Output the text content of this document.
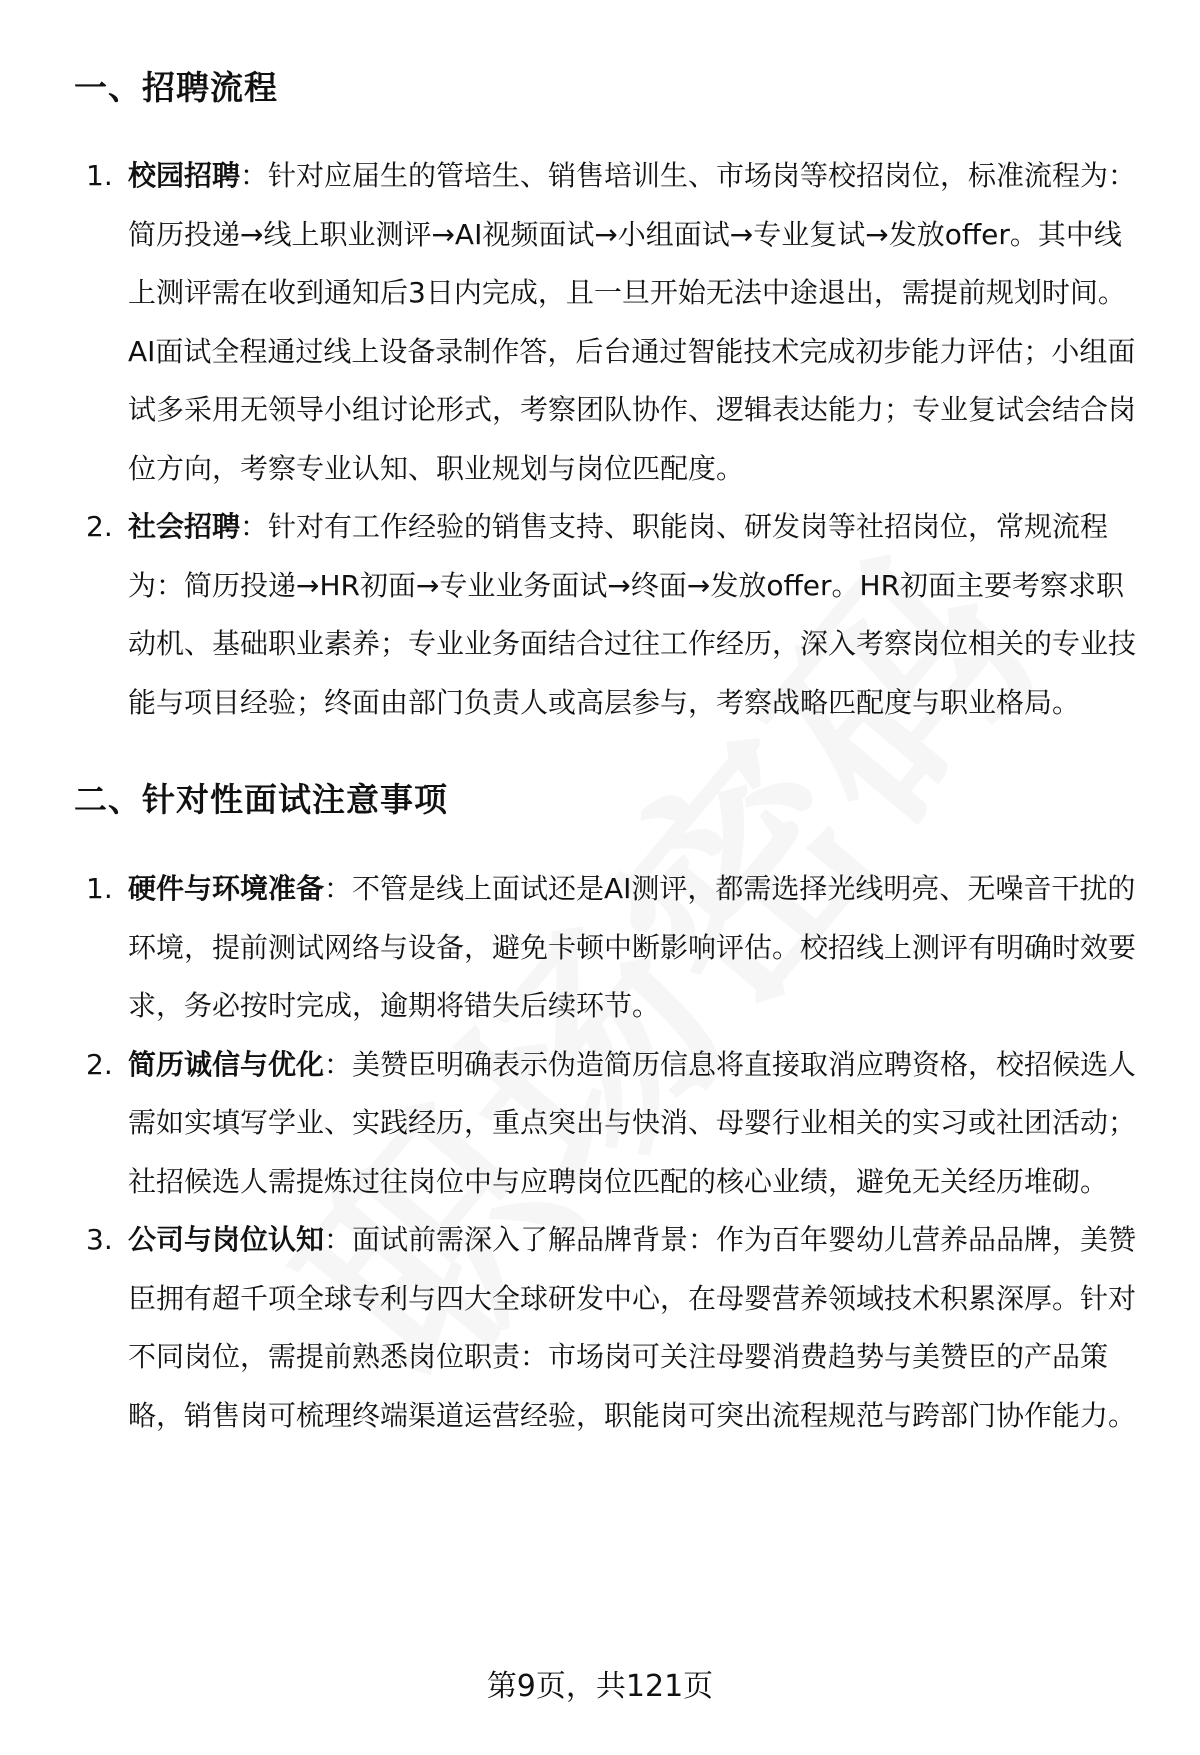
一、招聘流程
1. 校园招聘：针对应届生的管培生、销售培训生、市场岗等校招岗位，标准流程为：简历投递→线上职业测评→AI视频面试→小组面试→专业复试→发放offer。其中线上测评需在收到通知后3日内完成，且一旦开始无法中途退出，需提前规划时间。AI面试全程通过线上设备录制作答，后台通过智能技术完成初步能力评估；小组面试多采用无领导小组讨论形式，考察团队协作、逻辑表达能力；专业复试会结合岗位方向，考察专业认知、职业规划与岗位匹配度。
2. 社会招聘：针对有工作经验的销售支持、职能岗、研发岗等社招岗位，常规流程为：简历投递→HR初面→专业业务面试→终面→发放offer。HR初面主要考察求职动机、基础职业素养；专业业务面结合过往工作经历，深入考察岗位相关的专业技能与项目经验；终面由部门负责人或高层参与，考察战略匹配度与职业格局。
二、针对性面试注意事项
1. 硬件与环境准备：不管是线上面试还是AI测评，都需选择光线明亮、无噪音干扰的环境，提前测试网络与设备，避免卡顿中断影响评估。校招线上测评有明确时效要求，务必按时完成，逾期将错失后续环节。
2. 简历诚信与优化：美赞臣明确表示伪造简历信息将直接取消应聘资格，校招候选人需如实填写学业、实践经历，重点突出与快消、母婴行业相关的实习或社团活动；社招候选人需提炼过往岗位中与应聘岗位匹配的核心业绩，避免无关经历堆砌。
3. 公司与岗位认知：面试前需深入了解品牌背景：作为百年婴幼儿营养品品牌，美赞臣拥有超千项全球专利与四大全球研发中心，在母婴营养领域技术积累深厚。针对不同岗位，需提前熟悉岗位职责：市场岗可关注母婴消费趋势与美赞臣的产品策略，销售岗可梳理终端渠道运营经验，职能岗可突出流程规范与跨部门协作能力。
第9页，共121页
